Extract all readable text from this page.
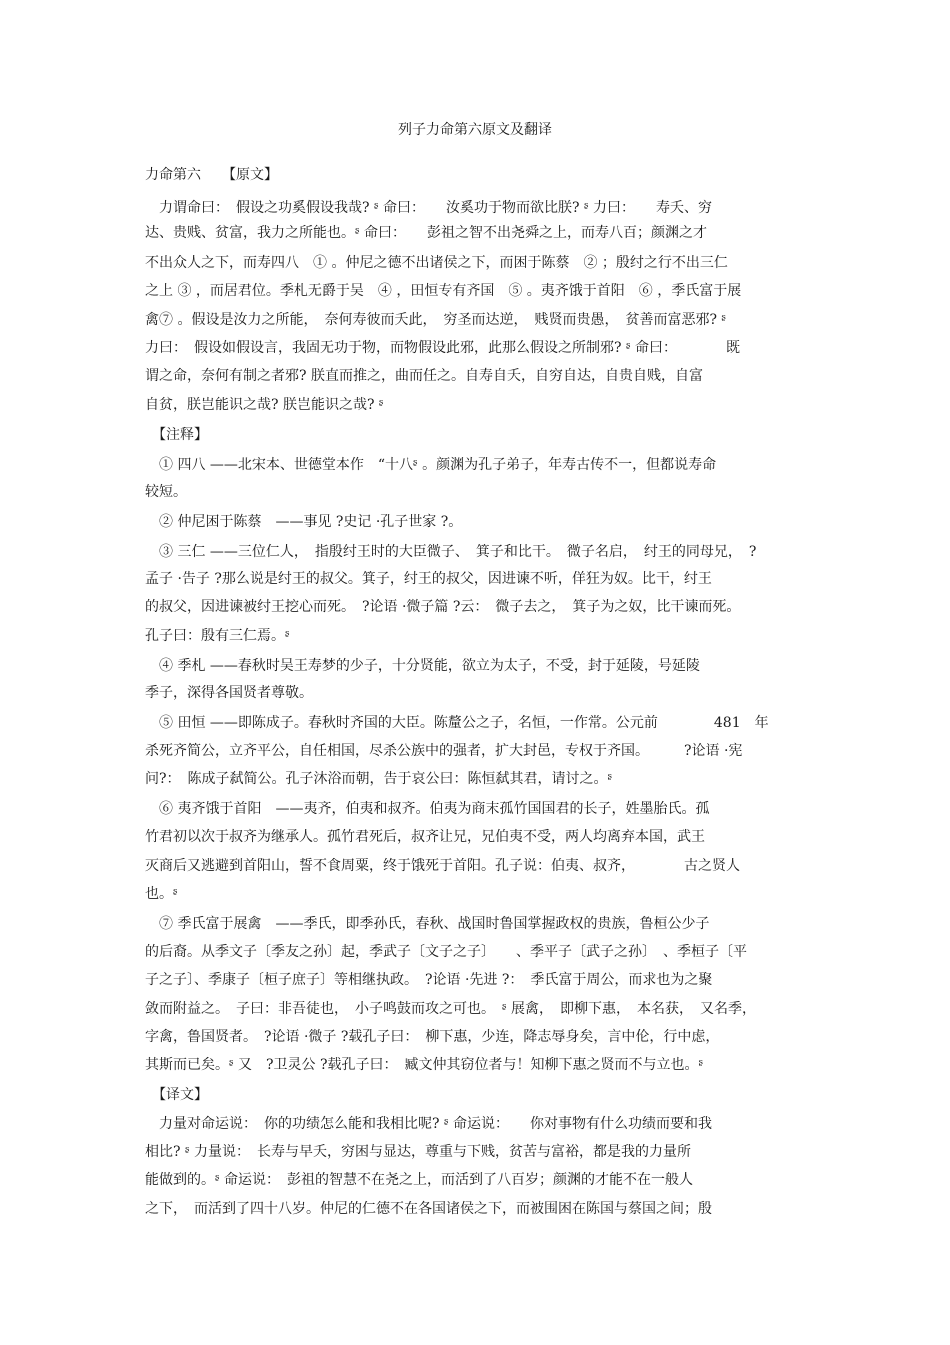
列子力命第六原文及翻译
力命第六　　【原文】
　力谓命曰：　假设之功奚假设我哉? ᶳ 命曰：　　汝奚功于物而欲比朕? ᶳ 力曰：　　寿夭、穷
达、贵贱、贫富，我力之所能也。ᶳ 命曰：　　彭祖之智不出尧舜之上，而寿八百；颜渊之才
不出众人之下，而寿四八　① 。仲尼之德不出诸侯之下，而困于陈蔡　② ；殷纣之行不出三仁
之上 ③ ，而居君位。季札无爵于吴　④ ，田恒专有齐国　⑤ 。夷齐饿于首阳　⑥ ，季氏富于展
禽⑦ 。假设是汝力之所能，　奈何寿彼而夭此，　穷圣而达逆，　贱贤而贵愚，　贫善而富恶邪? ᶳ
力曰：　假设如假设言，我固无功于物，而物假设此邪，此那么假设之所制邪? ᶳ 命曰：　　　　既
谓之命，奈何有制之者邪? 朕直而推之，曲而任之。自寿自夭，自穷自达，自贵自贱，自富
自贫，朕岂能识之哉? 朕岂能识之哉? ᶳ
　【注释】
　① 四八 ——北宋本、世德堂本作　“十八ᶳ 。颜渊为孔子弟子，年寿古传不一，但都说寿命
较短。
　② 仲尼困于陈蔡　——事见 ?史记 ·孔子世家 ?。
　③ 三仁 ——三位仁人，　指殷纣王时的大臣微子、　箕子和比干。　微子名启，　纣王的同母兄，　?
孟子 ·告子 ?那么说是纣王的叔父。箕子，纣王的叔父，因进谏不听，佯狂为奴。比干，纣王
的叔父，因进谏被纣王挖心而死。　?论语 ·微子篇 ?云：　微子去之，　箕子为之奴，比干谏而死。
孔子曰：殷有三仁焉。ᶳ
　④ 季札 ——春秋时吴王寿梦的少子，十分贤能，欲立为太子，不受，封于延陵，号延陵
季子，深得各国贤者尊敬。
　⑤ 田恒 ——即陈成子。春秋时齐国的大臣。陈釐公之子，名恒，一作常。公元前　　　　481　年
杀死齐简公，立齐平公，自任相国，尽杀公族中的强者，扩大封邑，专权于齐国。　　　?论语 ·宪
问?：　陈成子弑简公。孔子沐浴而朝，告于哀公曰：陈恒弑其君，请讨之。ᶳ
　⑥ 夷齐饿于首阳　——夷齐，伯夷和叔齐。伯夷为商末孤竹国国君的长子，姓墨胎氏。孤
竹君初以次于叔齐为继承人。孤竹君死后，叔齐让兄，兄伯夷不受，两人均离弃本国，武王
灭商后又逃避到首阳山，誓不食周粟，终于饿死于首阳。孔子说：伯夷、叔齐，　　　　古之贤人
也。ᶳ
　⑦ 季氏富于展禽　——季氏，即季孙氏，春秋、战国时鲁国掌握政权的贵族，鲁桓公少子
的后裔。从季文子〔季友之孙〕起，季武子〔文子之子〕　　、季平子〔武子之孙〕　、季桓子〔平
子之子〕、季康子〔桓子庶子〕等相继执政。　?论语 ·先进 ?：　季氏富于周公，而求也为之聚
敛而附益之。　子曰：非吾徒也，　小子鸣鼓而攻之可也。　ᶳ 展禽，　即柳下惠，　本名获，　又名季，
字禽，鲁国贤者。　?论语 ·微子 ?载孔子曰：　柳下惠，少连，降志辱身矣，言中伦，行中虑，
其斯而已矣。ᶳ 又　?卫灵公 ?载孔子曰：　臧文仲其窃位者与！知柳下惠之贤而不与立也。ᶳ
　【译文】
　力量对命运说：　你的功绩怎么能和我相比呢? ᶳ 命运说：　　你对事物有什么功绩而要和我
相比? ᶳ 力量说：　长寿与早夭，穷困与显达，尊重与下贱，贫苦与富裕，都是我的力量所
能做到的。ᶳ 命运说：　彭祖的智慧不在尧之上，而活到了八百岁；颜渊的才能不在一般人
之下，　而活到了四十八岁。仲尼的仁德不在各国诸侯之下，而被围困在陈国与蔡国之间；殷
